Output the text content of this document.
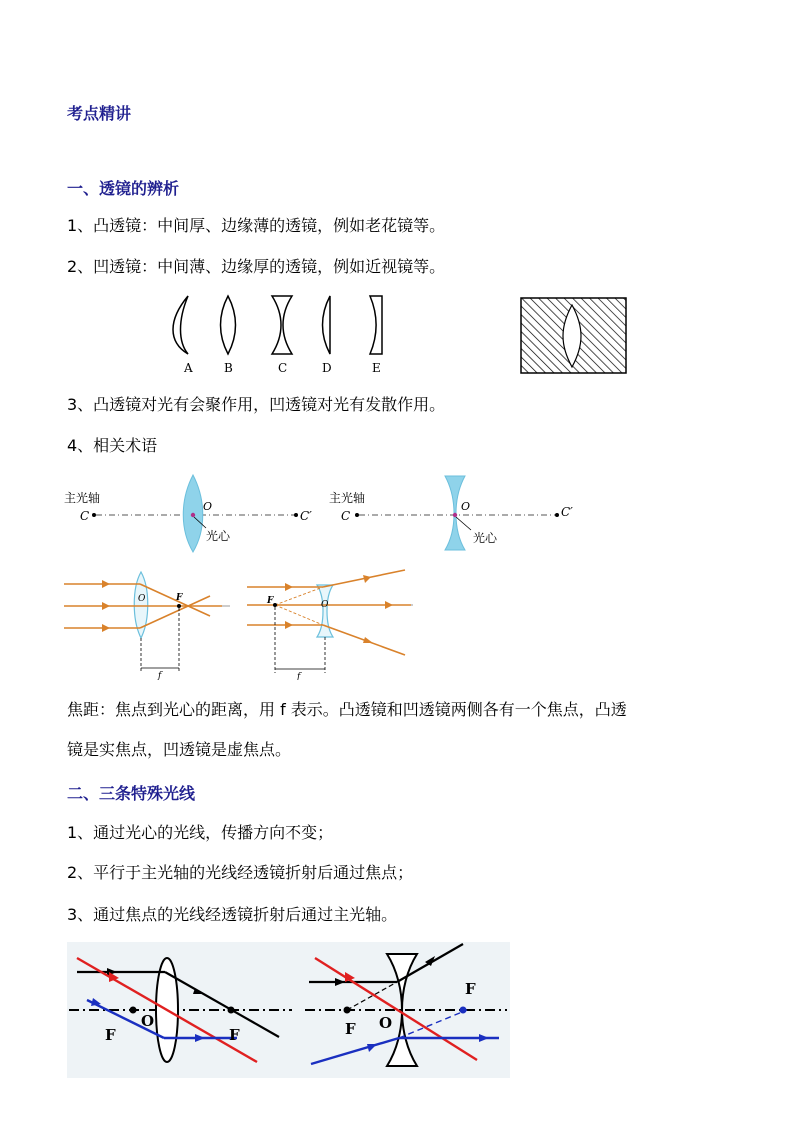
考点精讲
一、透镜的辨析
1、凸透镜：中间厚、边缘薄的透镜，例如老花镜等。
2、凹透镜：中间薄、边缘厚的透镜，例如近视镜等。
A	B	C	D	E
3、凸透镜对光有会聚作用，凹透镜对光有发散作用。
4、相关术语
主光轴
C	C′
O
光心
主光轴
C	C′
O
光心
F
O
f
F	O
f
焦距：焦点到光心的距离，用 f 表示。凸透镜和凹透镜两侧各有一个焦点，凸透
镜是实焦点，凹透镜是虚焦点。
二、三条特殊光线
1、通过光心的光线，传播方向不变；
2、平行于主光轴的光线经透镜折射后通过焦点；
3、通过焦点的光线经透镜折射后通过主光轴。
F
O
F	F O
F
